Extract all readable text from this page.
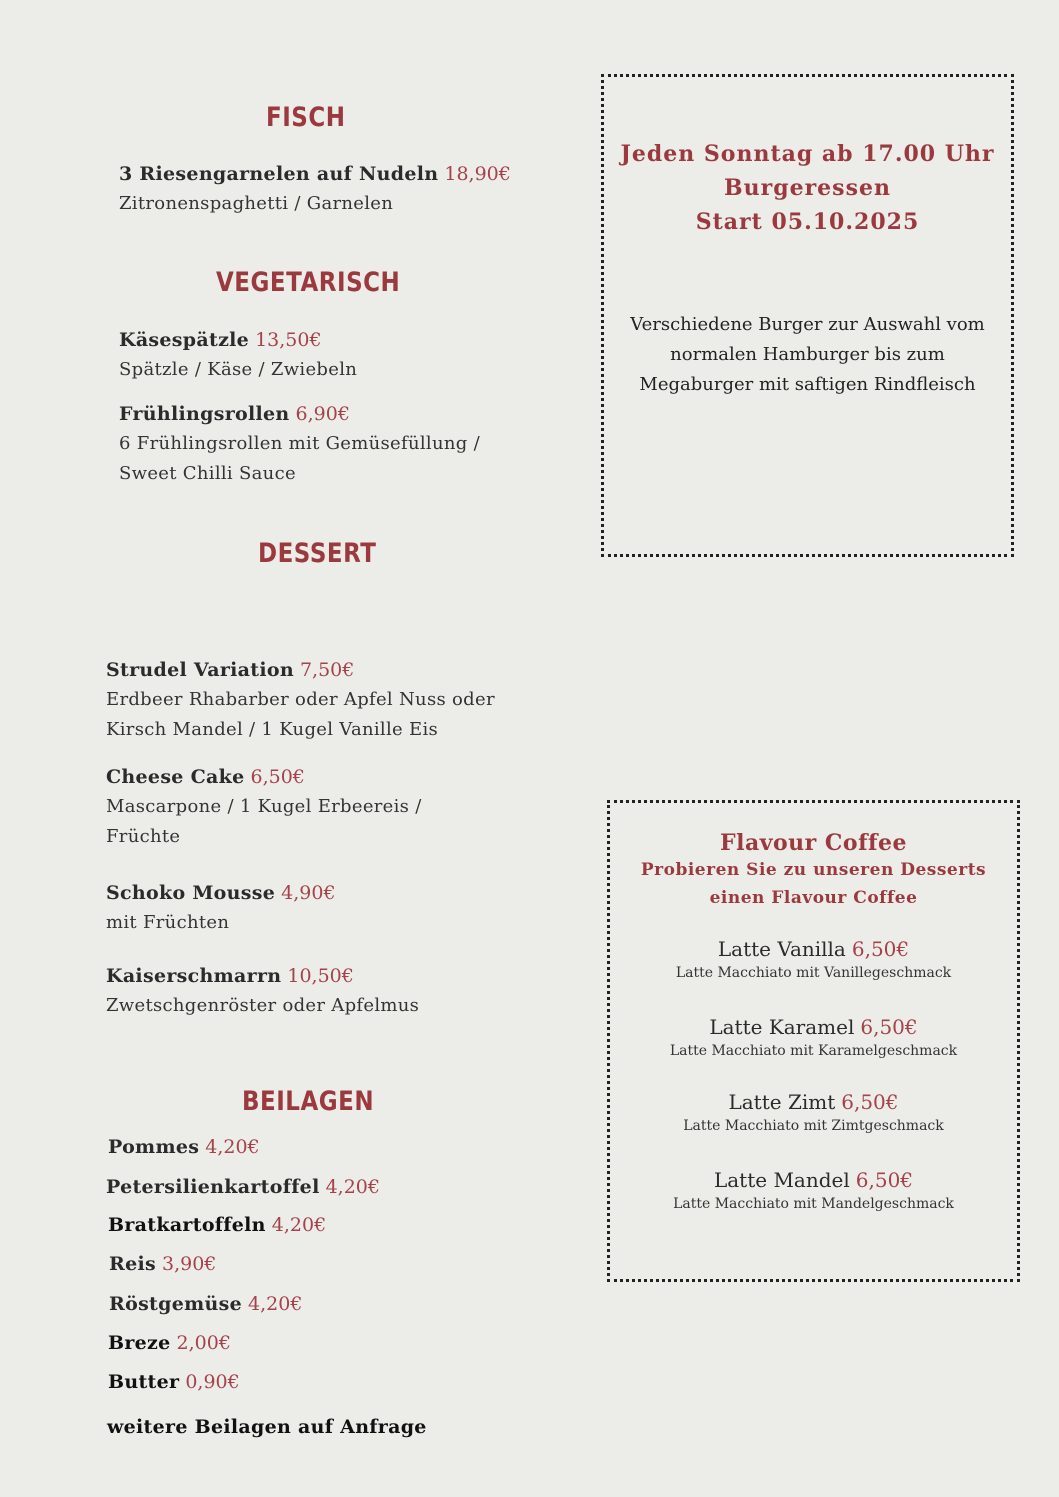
FISCH
3 Riesengarnelen auf Nudeln 18,90€
Zitronenspaghetti / Garnelen
VEGETARISCH
Käsespätzle 13,50€
Spätzle / Käse / Zwiebeln
Frühlingsrollen 6,90€
6 Frühlingsrollen mit Gemüsefüllung /
Sweet Chilli Sauce
DESSERT
Strudel Variation 7,50€
Erdbeer Rhabarber oder Apfel Nuss oder
Kirsch Mandel / 1 Kugel Vanille Eis
Cheese Cake 6,50€
Mascarpone / 1 Kugel Erbeereis /
Früchte
Schoko Mousse 4,90€
mit Früchten
Kaiserschmarrn 10,50€
Zwetschgenröster oder Apfelmus
BEILAGEN
Pommes 4,20€
Petersilienkartoffel 4,20€
Bratkartoffeln 4,20€
Reis 3,90€
Röstgemüse 4,20€
Breze 2,00€
Butter 0,90€
weitere Beilagen auf Anfrage
Jeden Sonntag ab 17.00 Uhr
Burgeressen
Start 05.10.2025
Verschiedene Burger zur Auswahl vom
normalen Hamburger bis zum
Megaburger mit saftigen Rindfleisch
Flavour Coffee
Probieren Sie zu unseren Desserts
einen Flavour Coffee
Latte Vanilla 6,50€
Latte Macchiato mit Vanillegeschmack
Latte Karamel 6,50€
Latte Macchiato mit Karamelgeschmack
Latte Zimt 6,50€
Latte Macchiato mit Zimtgeschmack
Latte Mandel 6,50€
Latte Macchiato mit Mandelgeschmack
